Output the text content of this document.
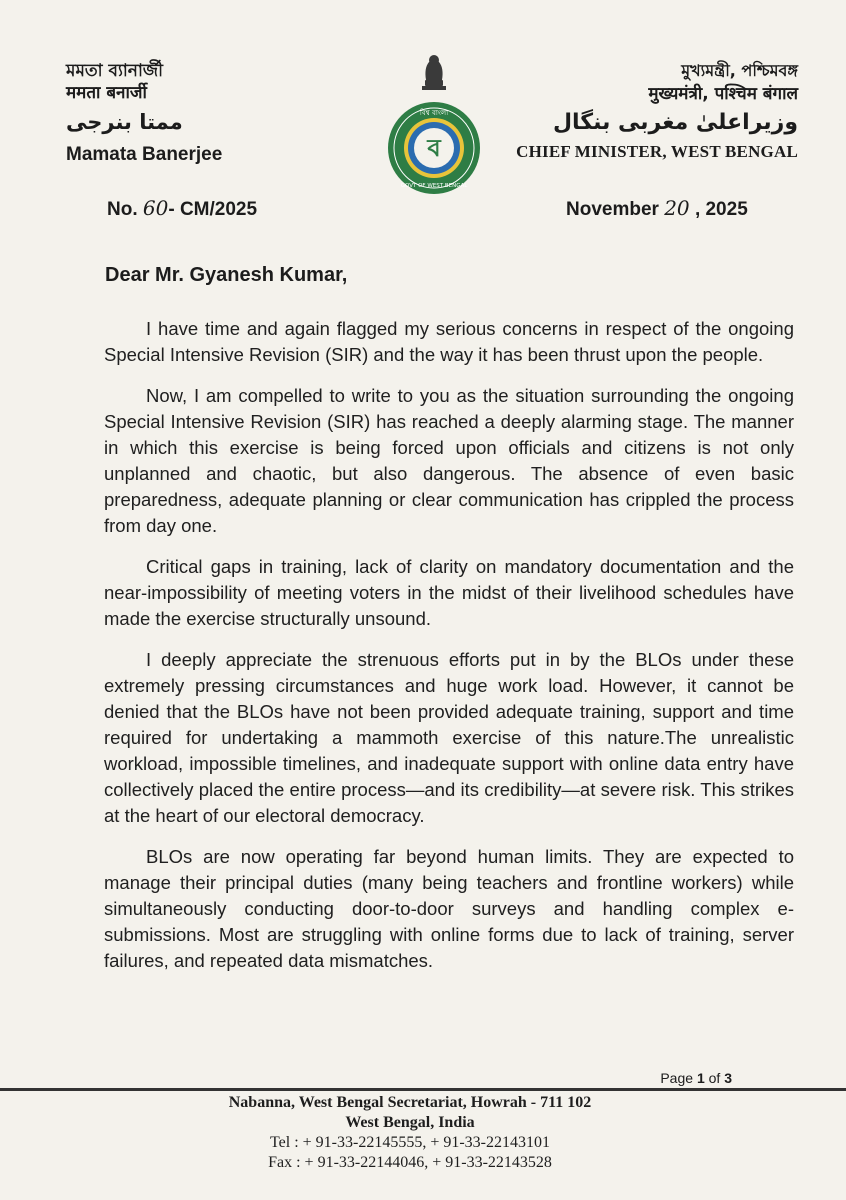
মমতা ব্যানার্জী
ममता बनार्जी
ممتا بنرجی
Mamata Banerjee	ব
বিশ্ব বাংলা
GOVT OF WEST BENGAL
মুখ্যমন্ত্রী, পশ্চিমবঙ্গ
मुख्यमंत्री, पश्चिम बंगाल
وزیراعلیٰ مغربی بنگال
CHIEF MINISTER, WEST BENGAL
No. 60- CM/2025	November 20 , 2025
Dear Mr. Gyanesh Kumar,

I have time and again flagged my serious concerns in respect of the ongoing Special Intensive Revision (SIR) and the way it has been thrust upon the people.

Now, I am compelled to write to you as the situation surrounding the ongoing Special Intensive Revision (SIR) has reached a deeply alarming stage. The manner in which this exercise is being forced upon officials and citizens is not only unplanned and chaotic, but also dangerous. The absence of even basic preparedness, adequate planning or clear communication has crippled the process from day one.

Critical gaps in training, lack of clarity on mandatory documentation and the near-impossibility of meeting voters in the midst of their livelihood schedules have made the exercise structurally unsound.

I deeply appreciate the strenuous efforts put in by the BLOs under these extremely pressing circumstances and huge work load. However, it cannot be denied that the BLOs have not been provided adequate training, support and time required for undertaking a mammoth exercise of this nature.The unrealistic workload, impossible timelines, and inadequate support with online data entry have collectively placed the entire process—and its credibility—at severe risk. This strikes at the heart of our electoral democracy.

BLOs are now operating far beyond human limits. They are expected to manage their principal duties (many being teachers and frontline workers) while simultaneously conducting door-to-door surveys and handling complex e-submissions. Most are struggling with online forms due to lack of training, server failures, and repeated data mismatches.

Page 1 of 3
Nabanna, West Bengal Secretariat, Howrah - 711 102
West Bengal, India
Tel : + 91-33-22145555, + 91-33-22143101
Fax : + 91-33-22144046, + 91-33-22143528
